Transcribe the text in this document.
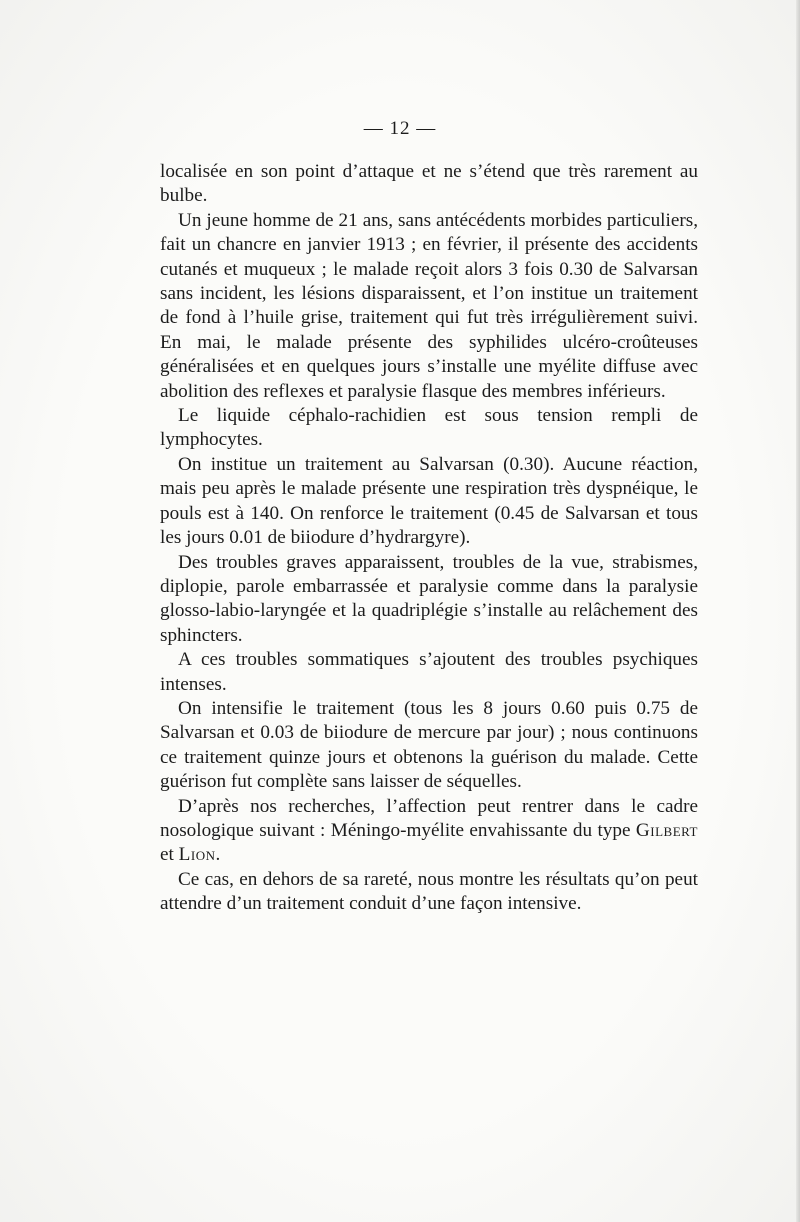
— 12 —

localisée en son point d’attaque et ne s’étend que très rarement au bulbe.

Un jeune homme de 21 ans, sans antécédents morbides particuliers, fait un chancre en janvier 1913 ; en février, il présente des accidents cutanés et muqueux ; le malade reçoit alors 3 fois 0.30 de Salvarsan sans incident, les lésions disparaissent, et l’on institue un traitement de fond à l’huile grise, traitement qui fut très irrégulièrement suivi. En mai, le malade présente des syphilides ulcéro-croûteuses généralisées et en quelques jours s’installe une myélite diffuse avec abolition des reflexes et paralysie flasque des membres inférieurs.

Le liquide céphalo-rachidien est sous tension rempli de lymphocytes.

On institue un traitement au Salvarsan (0.30). Aucune réaction, mais peu après le malade présente une respiration très dyspnéique, le pouls est à 140. On renforce le traitement (0.45 de Salvarsan et tous les jours 0.01 de biiodure d’hydrargyre).

Des troubles graves apparaissent, troubles de la vue, strabismes, diplopie, parole embarrassée et paralysie comme dans la paralysie glosso-labio-laryngée et la quadriplégie s’installe au relâchement des sphincters.

A ces troubles sommatiques s’ajoutent des troubles psychiques intenses.

On intensifie le traitement (tous les 8 jours 0.60 puis 0.75 de Salvarsan et 0.03 de biiodure de mercure par jour) ; nous continuons ce traitement quinze jours et obtenons la guérison du malade. Cette guérison fut complète sans laisser de séquelles.

D’après nos recherches, l’affection peut rentrer dans le cadre nosologique suivant : Méningo-myélite envahissante du type Gilbert et Lion.

Ce cas, en dehors de sa rareté, nous montre les résultats qu’on peut attendre d’un traitement conduit d’une façon intensive.
